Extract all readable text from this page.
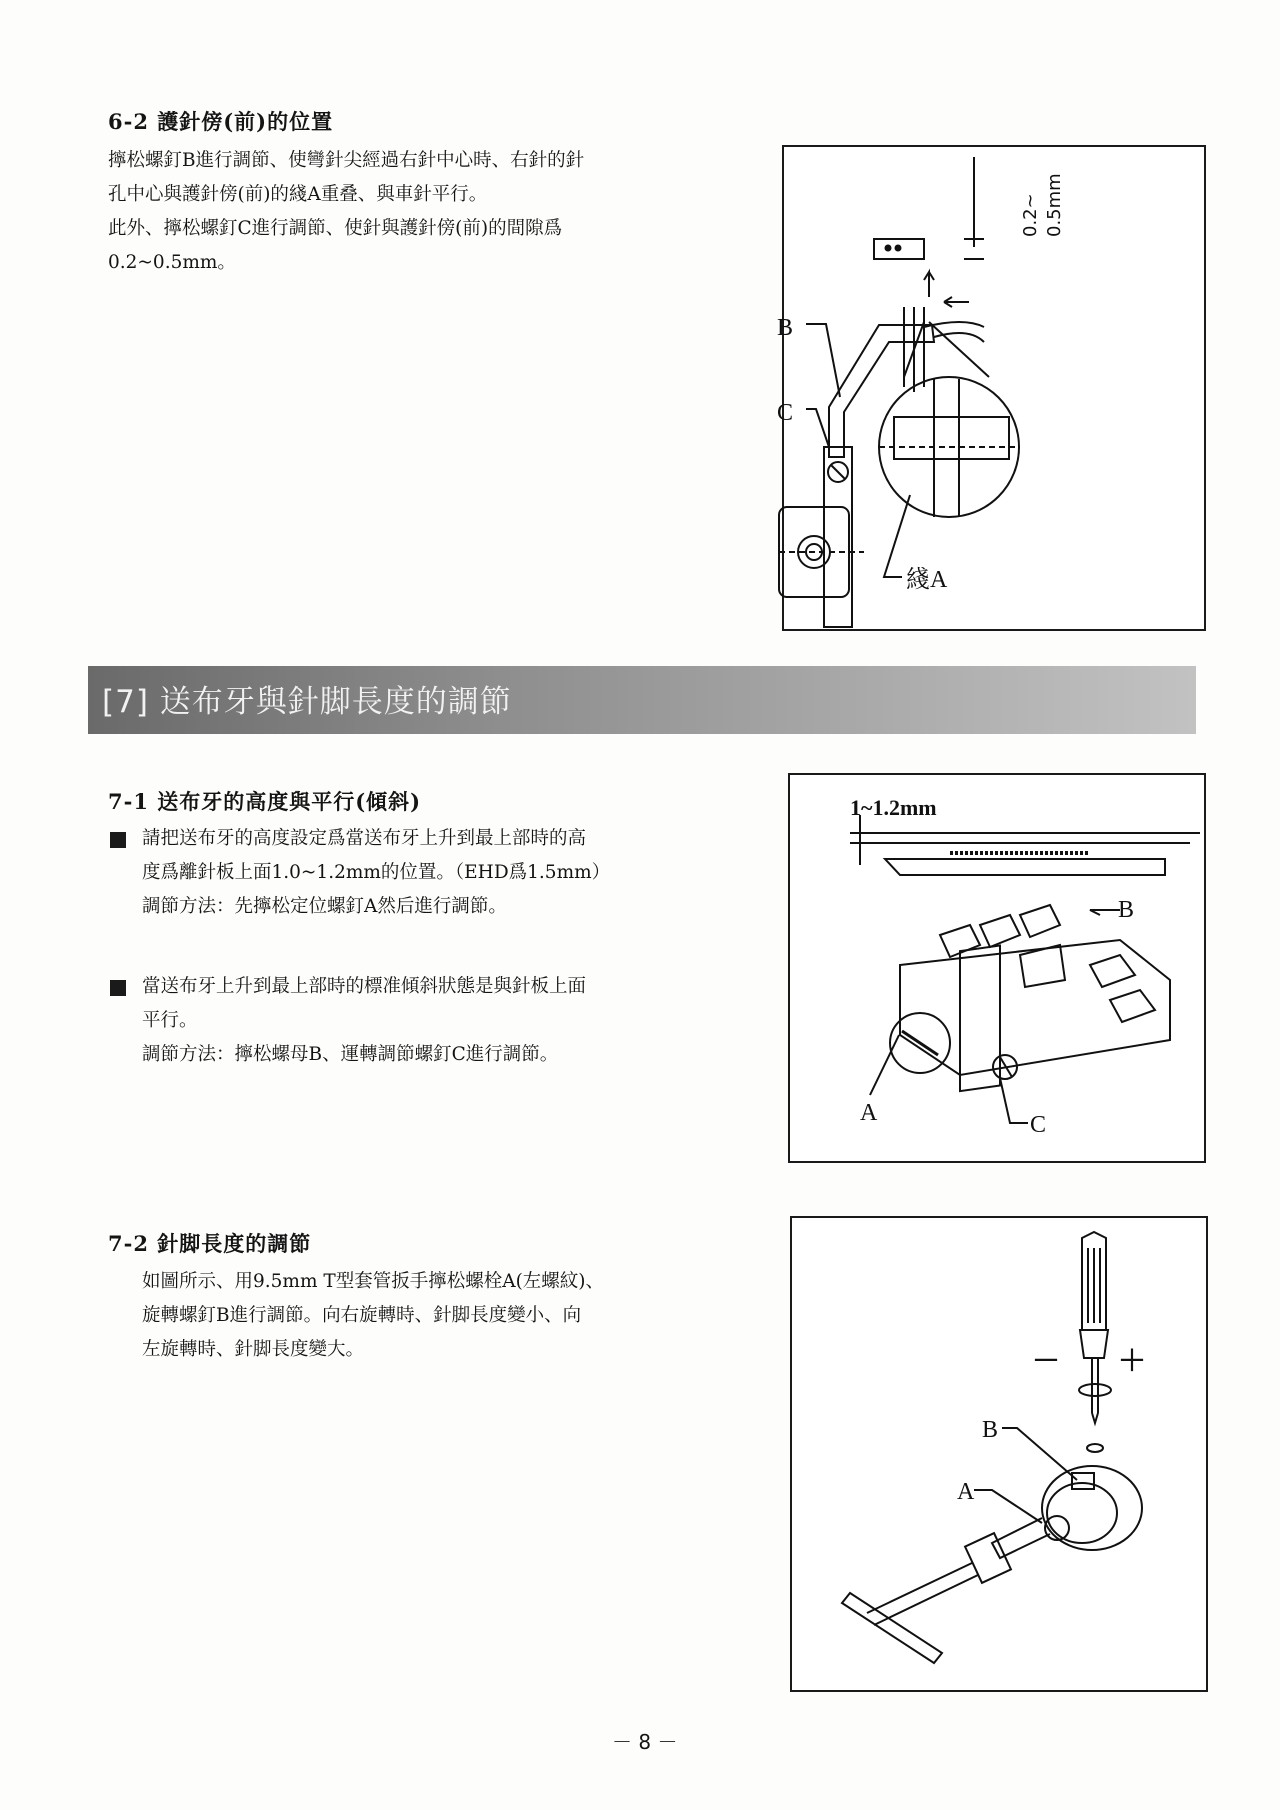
6-2 護針傍(前)的位置

擰松螺釘B進行調節、使彎針尖經過右針中心時、右針的針

孔中心與護針傍(前)的綫A重叠、與車針平行。

此外、擰松螺釘C進行調節、使針與護針傍(前)的間隙爲

0.2~0.5mm。

B
C
綫A
0.2~ 0.5mm
[7] 送布牙與針脚長度的調節
7-1 送布牙的高度與平行(傾斜)

請把送布牙的高度設定爲當送布牙上升到最上部時的高

度爲離針板上面1.0~1.2mm的位置。（EHD爲1.5mm）

調節方法：先擰松定位螺釘A然后進行調節。

當送布牙上升到最上部時的標准傾斜狀態是與針板上面

平行。

調節方法：擰松螺母B、運轉調節螺釘C進行調節。

1~1.2mm
A
B
C
7-2 針脚長度的調節

如圖所示、用9.5mm T型套管扳手擰松螺栓A(左螺紋)、

旋轉螺釘B進行調節。向右旋轉時、針脚長度變小、向

左旋轉時、針脚長度變大。

B
A
－ ＋
－ 8 －
